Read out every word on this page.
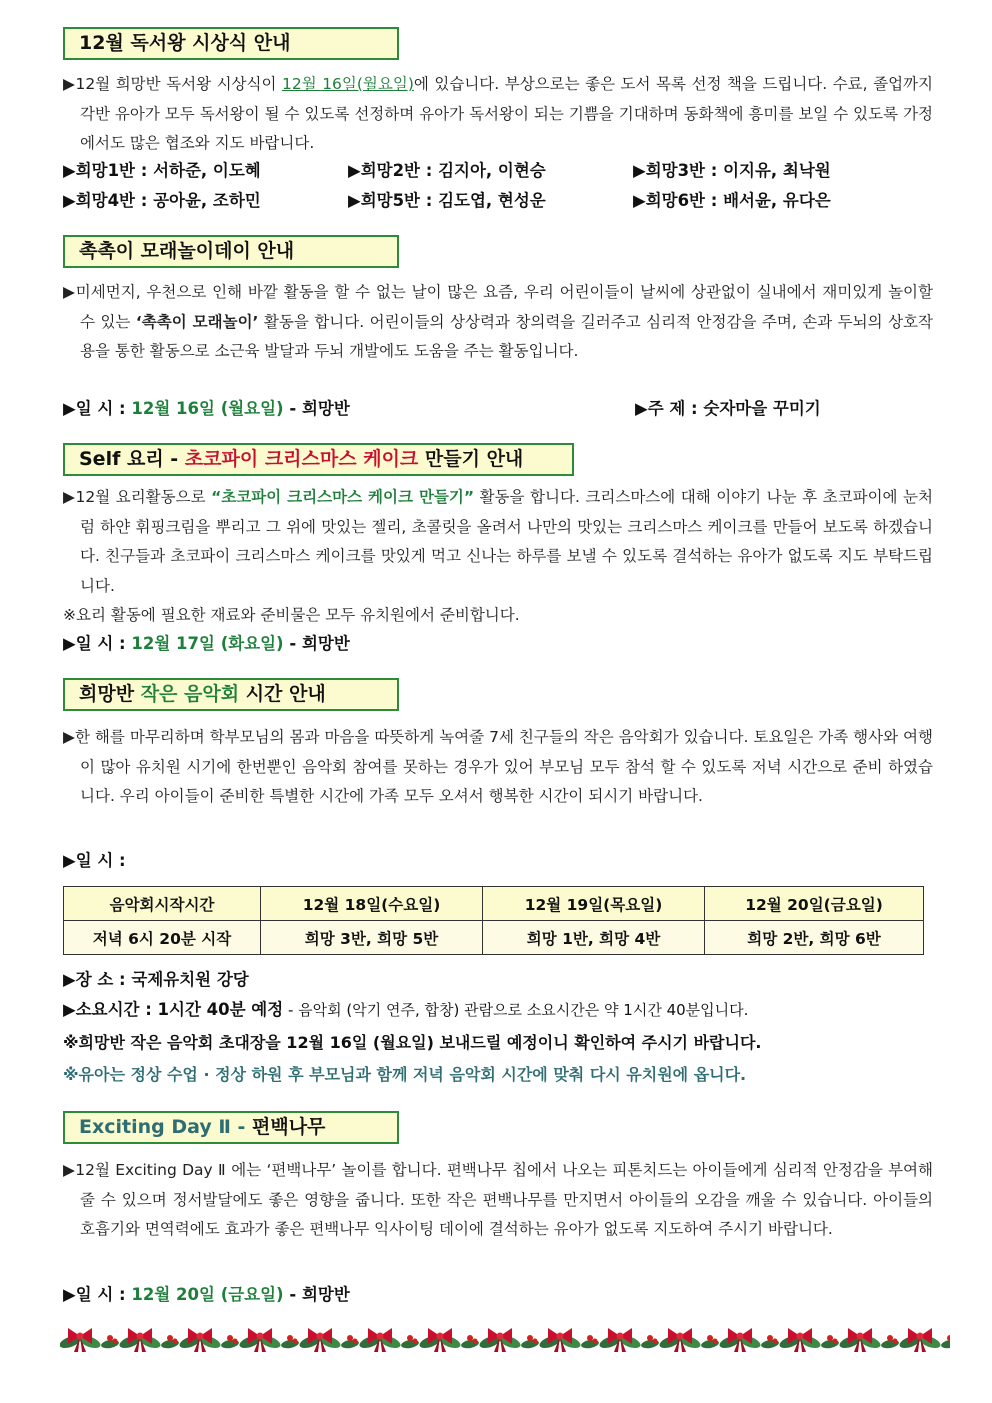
12월 독서왕 시상식 안내

▶12월 희망반 독서왕 시상식이 12월 16일(월요일)에 있습니다. 부상으로는 좋은 도서 목록 선정 책을 드립니다. 수료, 졸업까지 각반 유아가 모두 독서왕이 될 수 있도록 선정하며 유아가 독서왕이 되는 기쁨을 기대하며 동화책에 흥미를 보일 수 있도록 가정에서도 많은 협조와 지도 바랍니다.

▶희망1반 : 서하준, 이도혜	▶희망2반 : 김지아, 이현승	▶희망3반 : 이지유, 최낙원
▶희망4반 : 공아윤, 조하민	▶희망5반 : 김도엽, 현성운	▶희망6반 : 배서윤, 유다은
촉촉이 모래놀이데이 안내

▶미세먼지, 우천으로 인해 바깥 활동을 할 수 없는 날이 많은 요즘, 우리 어린이들이 날씨에 상관없이 실내에서 재미있게 놀이할 수 있는 ‘촉촉이 모래놀이’ 활동을 합니다. 어린이들의 상상력과 창의력을 길러주고 심리적 안정감을 주며, 손과 두뇌의 상호작용을 통한 활동으로 소근육 발달과 두뇌 개발에도 도움을 주는 활동입니다.

▶일 시 : 12월 16일 (월요일) - 희망반	▶주 제 : 숫자마을 꾸미기
Self 요리 - 초코파이 크리스마스 케이크 만들기 안내

▶12월 요리활동으로 “초코파이 크리스마스 케이크 만들기” 활동을 합니다. 크리스마스에 대해 이야기 나눈 후 초코파이에 눈처럼 하얀 휘핑크림을 뿌리고 그 위에 맛있는 젤리, 초콜릿을 올려서 나만의 맛있는 크리스마스 케이크를 만들어 보도록 하겠습니다. 친구들과 초코파이 크리스마스 케이크를 맛있게 먹고 신나는 하루를 보낼 수 있도록 결석하는 유아가 없도록 지도 부탁드립니다.

※요리 활동에 필요한 재료와 준비물은 모두 유치원에서 준비합니다.
▶일 시 : 12월 17일 (화요일) - 희망반
희망반 작은 음악회 시간 안내

▶한 해를 마무리하며 학부모님의 몸과 마음을 따뜻하게 녹여줄 7세 친구들의 작은 음악회가 있습니다. 토요일은 가족 행사와 여행이 많아 유치원 시기에 한번뿐인 음악회 참여를 못하는 경우가 있어 부모님 모두 참석 할 수 있도록 저녁 시간으로 준비 하였습니다. 우리 아이들이 준비한 특별한 시간에 가족 모두 오셔서 행복한 시간이 되시기 바랍니다.

▶일 시 :
음악회시작시간	12월 18일(수요일)	12월 19일(목요일)	12월 20일(금요일)
저녁 6시 20분 시작	희망 3반, 희망 5반	희망 1반, 희망 4반	희망 2반, 희망 6반
▶장 소 : 국제유치원 강당
▶소요시간 : 1시간 40분 예정 - 음악회 (악기 연주, 합창) 관람으로 소요시간은 약 1시간 40분입니다.
※희망반 작은 음악회 초대장을 12월 16일 (월요일) 보내드릴 예정이니 확인하여 주시기 바랍니다.
※유아는 정상 수업 · 정상 하원 후 부모님과 함께 저녁 음악회 시간에 맞춰 다시 유치원에 옵니다.
Exciting Day Ⅱ - 편백나무

▶12월 Exciting Day Ⅱ 에는 ‘편백나무’ 놀이를 합니다. 편백나무 칩에서 나오는 피톤치드는 아이들에게 심리적 안정감을 부여해 줄 수 있으며 정서발달에도 좋은 영향을 줍니다. 또한 작은 편백나무를 만지면서 아이들의 오감을 깨울 수 있습니다. 아이들의 호흡기와 면역력에도 효과가 좋은 편백나무 익사이팅 데이에 결석하는 유아가 없도록 지도하여 주시기 바랍니다.

▶일 시 : 12월 20일 (금요일) - 희망반
